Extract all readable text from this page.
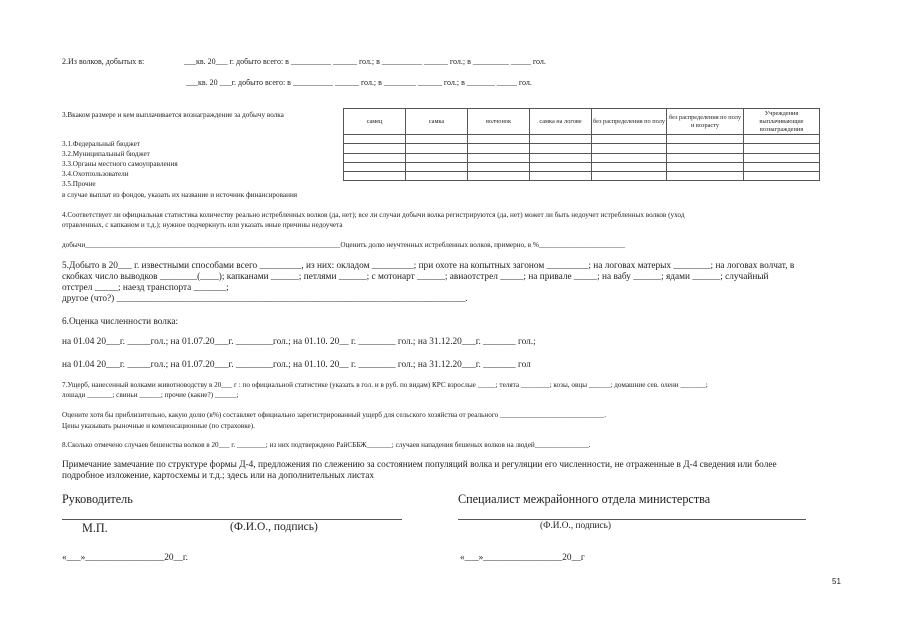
2.Из волков, добытых в:	___кв. 20___ г. добыто всего: в __________ ______ гол.; в __________ ______ гол.; в _________ _____ гол.
___кв. 20 ___г. добыто всего: в __________ ______ гол.; в ________ ______ гол.; в _______ _____ гол.
3.Вкаком размере и кем выплачивается вознаграждение за добычу волка
самец	самка	волчонок	самка на логове	без распределения по полу	без распределения по полу и возрасту	Учреждения выплачивающие вознаграждения

3.1.Федеральный бюджет
3.2.Муниципальный бюджет
3.3.Органы местного самоуправления
3.4.Охотпользователи
3.5.Прочие
в случае выплат из фондов, указать их название и источник финансирования
4.Соответствует ли официальная статистика количеству реально истребленных волков (да, нет); все ли случаи добычи волка регистрируются (да, нет) может ли быть недоучет истребленных волков (уход
отравленных, с капканом и т.д.); нужное подчеркнуть или указать иные причины недоучета
добычи_______________________________________________________________________Оценить долю неучтенных истребленных волков, примерно, в %________________________
5.Добыто в 20___ г. известными способами всего _________, из них: окладом _________; при охоте на копытных загоном _________; на логовах матерых ________; на логовах волчат, в
скобках число выводков ________(____); капканами ______; петлями ______; с мотонарт ______; авиаотстрел _____; на привале _____; на вабу ______; ядами ______; случайный
отстрел _____; наезд транспорта _______;
другое (что?) ___________________________________________________________________________.
6.Оценка численности волка:
на 01.04 20___г. _____гол.; на 01.07.20___г. ________гол.; на 01.10. 20__ г. ________ гол.; на 31.12.20___г. _______ гол.;
на 01.04 20___г. _____гол.; на 01.07.20___г. ________гол.; на 01.10. 20__ г. ________ гол.; на 31.12.20___г. _______ гол
7.Ущерб, нанесенный волками животноводству в 20___ г : по официальной статистике (указать в гол. и в руб. по видам) КРС взрослые _____; телята ________; козы, овцы ______; домашние сев. олени _______;
лошади _______; свиньи ______; прочие (какие?) ______;
Оцените хотя бы приблизительно, какую долю (в%) составляет официально зарегистрированный ущерб для сельского хозяйства от реального _____________________________.
Цены указывать рыночные и компенсационные (по страховке).
8.Сколько отмечено случаев бешенства волков в 20___ г. ________; из них подтверждено РайСББЖ_______; случаев нападения бешеных волков на людей_______________.
Примечание замечание по структуре формы Д-4, предложения по слежению за состоянием популяций волка и регуляции его численности, не отраженные в Д-4 сведения или более
подробное изложение, картосхемы и т.д.; здесь или на дополнительных листах
Руководитель
М.П.	(Ф.И.О., подпись)
«___»_________________20__г.
Специалист межрайонного отдела министерства
(Ф.И.О., подпись)
«___»_________________20__г
51
